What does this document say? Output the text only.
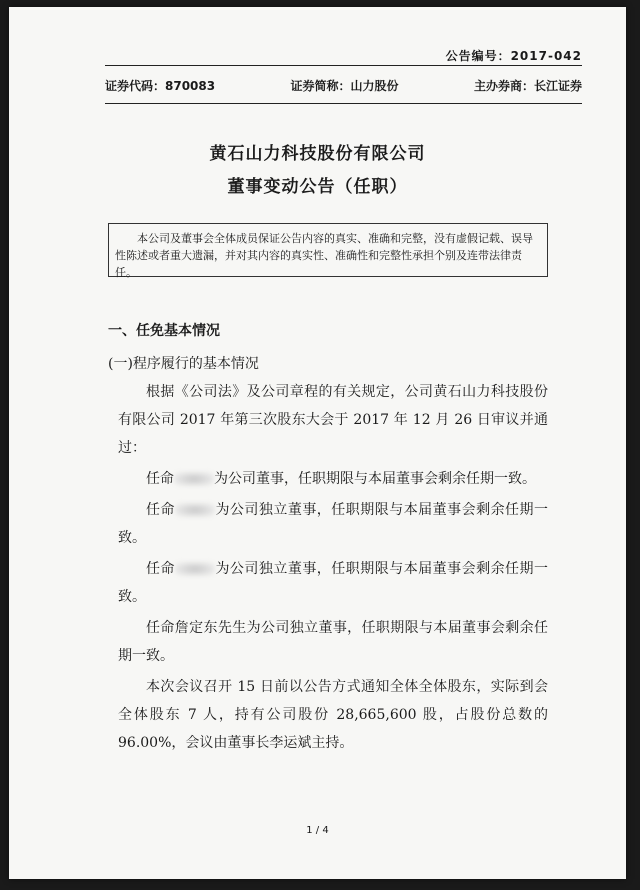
公告编号：2017-042
证券代码：870083	证券简称：山力股份	主办券商：长江证券
黄石山力科技股份有限公司
董事变动公告（任职）
本公司及董事会全体成员保证公告内容的真实、准确和完整，没有虚假记载、误导性陈述或者重大遗漏，并对其内容的真实性、准确性和完整性承担个别及连带法律责任。
一、任免基本情况
(一)程序履行的基本情况

根据《公司法》及公司章程的有关规定，公司黄石山力科技股份有限公司 2017 年第三次股东大会于 2017 年 12 月 26 日审议并通过：

任命	为公司董事，任职期限与本届董事会剩余任期一致。

任命	为公司独立董事，任职期限与本届董事会剩余任期一致。

任命	为公司独立董事，任职期限与本届董事会剩余任期一致。

任命詹定东先生为公司独立董事，任职期限与本届董事会剩余任期一致。

本次会议召开 15 日前以公告方式通知全体全体股东，实际到会全体股东 7 人，持有公司股份 28,665,600 股，占股份总数的 96.00%，会议由董事长李运斌主持。

1 / 4
